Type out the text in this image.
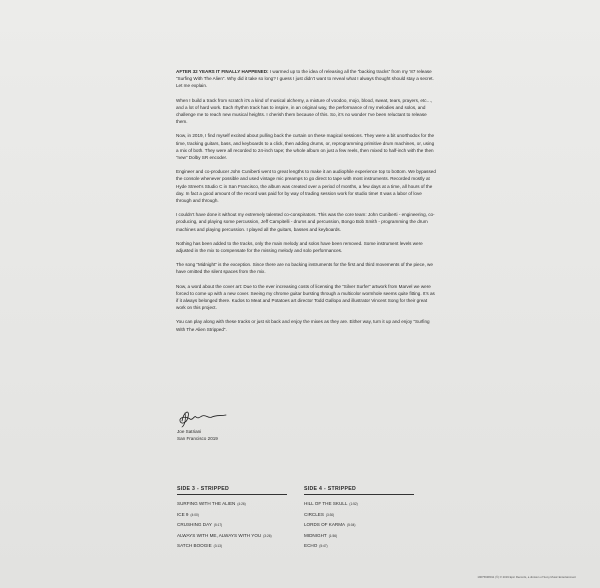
AFTER 32 YEARS IT FINALLY HAPPENED: I warmed up to the idea of releasing all the “backing tracks” from my ’87 release “Surfing With The Alien”. Why did it take so long? I guess I just didn’t want to reveal what I always thought should stay a secret. Let me explain.

When I build a track from scratch it’s a kind of musical alchemy, a mixture of voodoo, mojo, blood, sweat, tears, prayers, etc…, and a lot of hard work. Each rhythm track has to inspire, in an original way, the performance of my melodies and solos, and challenge me to reach new musical heights. I cherish them because of this. So, it’s no wonder I’ve been reluctant to release them.

Now, in 2019, I find myself excited about pulling back the curtain on these magical sessions. They were a bit unorthodox for the time, tracking guitars, bass, and keyboards to a click, then adding drums, or, reprogramming primitive drum machines, or, using a mix of both. They were all recorded to 24-inch tape; the whole album on just a few reels, then mixed to half-inch with the then “new” Dolby SR encoder.

Engineer and co-producer John Cuniberti went to great lengths to make it an audiophile experience top to bottom. We bypassed the console whenever possible and used vintage mic preamps to go direct to tape with most instruments. Recorded mostly at Hyde Street’s Studio C in San Francisco, the album was created over a period of months, a few days at a time, all hours of the day. In fact a good amount of the record was paid for by way of trading session work for studio time! It was a labor of love through and through.

I couldn’t have done it without my extremely talented co-conspirators. This was the core team: John Cuniberti - engineering, co-producing, and playing some percussion, Jeff Campitelli - drums and percussion, Bongo Bob Smith - programming the drum machines and playing percussion. I played all the guitars, basses and keyboards.

Nothing has been added to the tracks, only the main melody and solos have been removed. Some instrument levels were adjusted in the mix to compensate for the missing melody and solo performances.

The song “Midnight” is the exception. Since there are no backing instruments for the first and third movements of the piece, we have omitted the silent spaces from the mix.

Now, a word about the cover art: Due to the ever increasing costs of licensing the “Silver Surfer” artwork from Marvel we were forced to come up with a new cover. Seeing my chrome guitar bursting through a multicolor wormhole seems quite fitting. It’s as if it always belonged there. Kudos to Meat and Potatoes art director Todd Gallopo and illustrator Vincent Song for their great work on this project.

You can play along with these tracks or just sit back and enjoy the mixes as they are. Either way, turn it up and enjoy “Surfing With The Alien Stripped”.

Joe Satriani
San Francisco 2019
SIDE 3 - STRIPPED
SURFING WITH THE ALIEN (4:26)
ICE 9 (4:00)
CRUSHING DAY (5:17)
ALWAYS WITH ME, ALWAYS WITH YOU (3:26)
SATCH BOOGIE (3:13)
SIDE 4 - STRIPPED
HILL OF THE SKULL (1:52)
CIRCLES (3:30)
LORDS OF KARMA (5:04)
MIDNIGHT (1:56)
ECHO (5:47)
19075938011 (©) ℗ 2019 Epic Records, a division of Sony Music Entertainment
